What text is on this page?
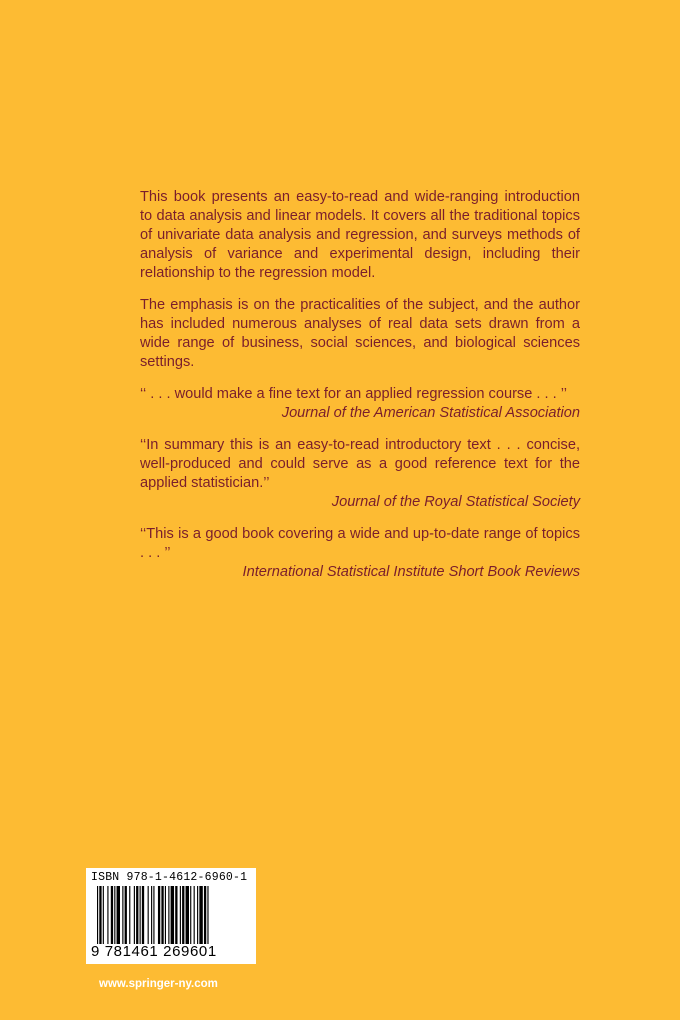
This book presents an easy-to-read and wide-ranging introduction to data analysis and linear models. It covers all the traditional topics of univariate data analysis and regression, and surveys methods of analysis of variance and experimental design, including their relationship to the regression model.

The emphasis is on the practicalities of the subject, and the author has included numerous analyses of real data sets drawn from a wide range of business, social sciences, and biological sciences settings.

‘‘ . . . would make a fine text for an applied regression course . . . ’’

Journal of the American Statistical Association

‘‘In summary this is an easy-to-read introductory text . . . concise, well-produced and could serve as a good reference text for the applied statistician.’’

Journal of the Royal Statistical Society

‘‘This is a good book covering a wide and up-to-date range of topics . . . ’’

International Statistical Institute Short Book Reviews

ISBN 978-1-4612-6960-1
9 781461 269601
www.springer-ny.com
